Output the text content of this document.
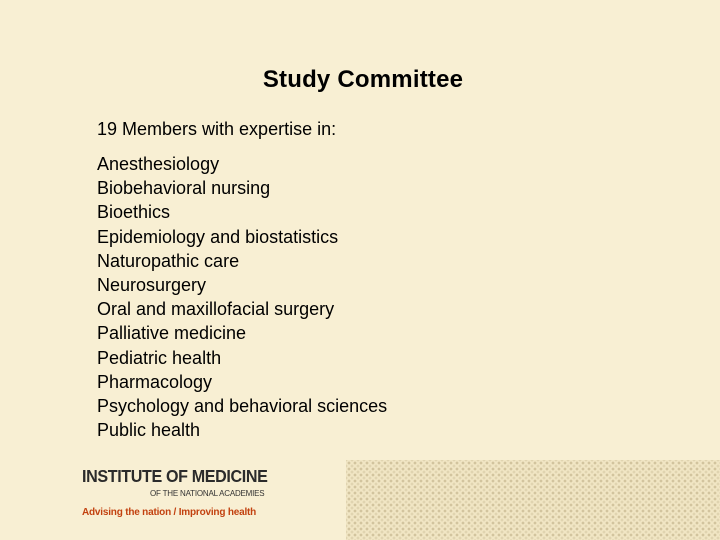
Study Committee
19 Members with expertise in:
Anesthesiology
Biobehavioral nursing
Bioethics
Epidemiology and biostatistics
Naturopathic care
Neurosurgery
Oral and maxillofacial surgery
Palliative medicine
Pediatric health
Pharmacology
Psychology and behavioral sciences
Public health
INSTITUTE OF MEDICINE
OF THE NATIONAL ACADEMIES
Advising the nation / Improving health
